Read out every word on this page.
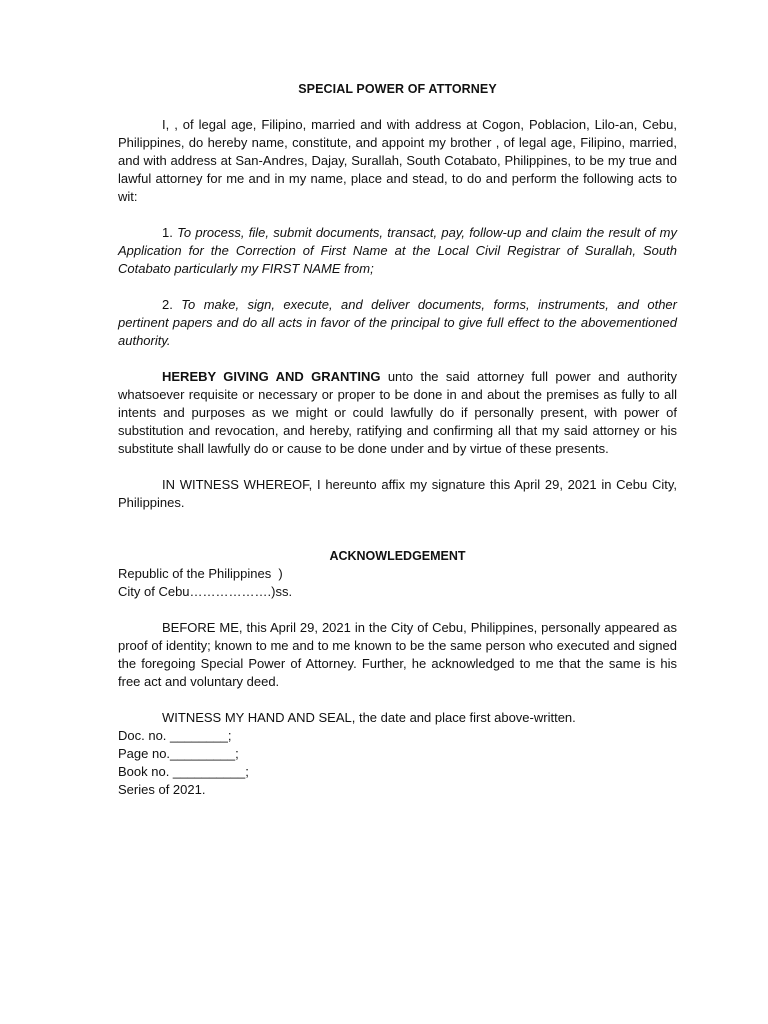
SPECIAL POWER OF ATTORNEY

I, , of legal age, Filipino, married and with address at Cogon, Poblacion, Lilo-an, Cebu, Philippines, do hereby name, constitute, and appoint my brother , of legal age, Filipino, married, and with address at San-Andres, Dajay, Surallah, South Cotabato, Philippines, to be my true and lawful attorney for me and in my name, place and stead, to do and perform the following acts to wit:

1. To process, file, submit documents, transact, pay, follow-up and claim the result of my Application for the Correction of First Name at the Local Civil Registrar of Surallah, South Cotabato particularly my FIRST NAME from;

2. To make, sign, execute, and deliver documents, forms, instruments, and other pertinent papers and do all acts in favor of the principal to give full effect to the abovementioned authority.

HEREBY GIVING AND GRANTING unto the said attorney full power and authority whatsoever requisite or necessary or proper to be done in and about the premises as fully to all intents and purposes as we might or could lawfully do if personally present, with power of substitution and revocation, and hereby, ratifying and confirming all that my said attorney or his substitute shall lawfully do or cause to be done under and by virtue of these presents.

IN WITNESS WHEREOF, I hereunto affix my signature this April 29, 2021 in Cebu City, Philippines.

ACKNOWLEDGEMENT

Republic of the Philippines  )

City of Cebu……………….)ss.

BEFORE ME, this April 29, 2021 in the City of Cebu, Philippines, personally appeared as proof of identity; known to me and to me known to be the same person who executed and signed the foregoing Special Power of Attorney. Further, he acknowledged to me that the same is his free act and voluntary deed.

WITNESS MY HAND AND SEAL, the date and place first above-written.

Doc. no. ________;

Page no._________;

Book no. __________;

Series of 2021.
